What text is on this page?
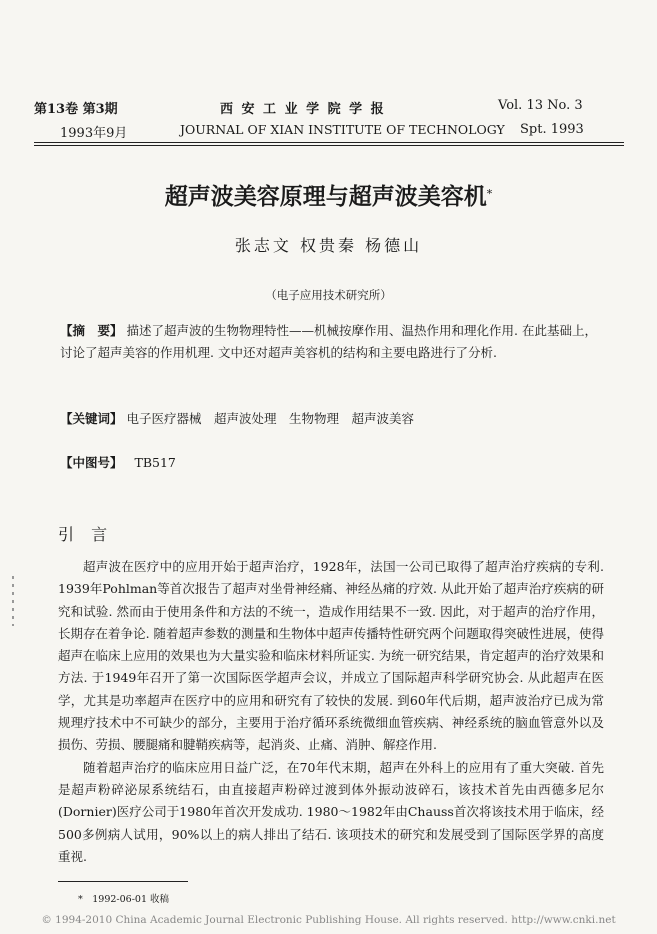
第13卷 第3期	西 安 工 业 学 院 学 报	Vol. 13 No. 3
1993年9月	JOURNAL OF XIAN INSTITUTE OF TECHNOLOGY Spt. 1993
超声波美容原理与超声波美容机*
张志文 权贵秦 杨德山
（电子应用技术研究所）
【摘　要】 描述了超声波的生物物理特性——机械按摩作用、温热作用和理化作用. 在此基础上，讨论了超声美容的作用机理. 文中还对超声美容机的结构和主要电路进行了分析.
【关键词】 电子医疗器械　超声波处理　生物物理　超声波美容
【中图号】 TB517
引 言

超声波在医疗中的应用开始于超声治疗，1928年，法国一公司已取得了超声治疗疾病的专利. 1939年Pohlman等首次报告了超声对坐骨神经痛、神经丛痛的疗效. 从此开始了超声治疗疾病的研究和试验. 然而由于使用条件和方法的不统一，造成作用结果不一致. 因此，对于超声的治疗作用，长期存在着争论. 随着超声参数的测量和生物体中超声传播特性研究两个问题取得突破性进展，使得超声在临床上应用的效果也为大量实验和临床材料所证实. 为统一研究结果，肯定超声的治疗效果和方法. 于1949年召开了第一次国际医学超声会议，并成立了国际超声科学研究协会. 从此超声在医学，尤其是功率超声在医疗中的应用和研究有了较快的发展. 到60年代后期，超声波治疗已成为常规理疗技术中不可缺少的部分，主要用于治疗循环系统微细血管疾病、神经系统的脑血管意外以及损伤、劳损、腰腿痛和腱鞘疾病等，起消炎、止痛、消肿、解痉作用.

随着超声治疗的临床应用日益广泛，在70年代末期，超声在外科上的应用有了重大突破. 首先是超声粉碎泌尿系统结石，由直接超声粉碎过渡到体外振动波碎石，该技术首先由西德多尼尔(Dornier)医疗公司于1980年首次开发成功. 1980～1982年由Chauss首次将该技术用于临床，经500多例病人试用，90%以上的病人排出了结石. 该项技术的研究和发展受到了国际医学界的高度重视.

*　1992-06-01 收稿
© 1994-2010 China Academic Journal Electronic Publishing House. All rights reserved. http://www.cnki.net
